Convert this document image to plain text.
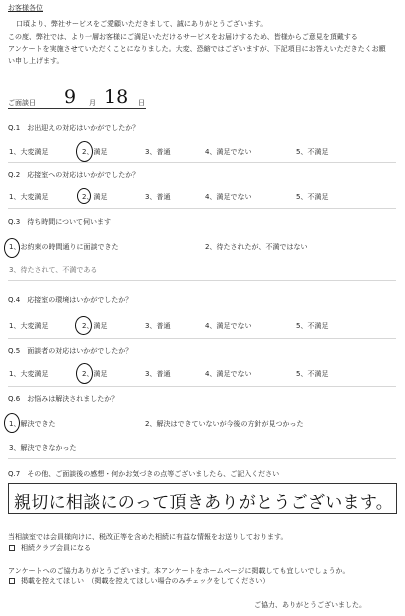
お客様各位
口頃より、弊社サービスをご愛顧いただきまして、誠にありがとうございます。
この度、弊社では、より一層お客様にご満足いただけるサービスをお届けするため、皆様からご意見を頂戴する
アンケートを実施させていただくことになりました。大変、恐縮ではございますが、下記項目にお答えいただきたくお願
い申し上げます。
ご面談日 9 月 18 日
Q.1　お出迎えの対応はいかがでしたか？
1、大変満足	2、満足	3、普通	4、満足でない	5、不満足
Q.2　応接室への対応はいかがでしたか？
1、大変満足	2、満足	3、普通	4、満足でない	5、不満足
Q.3　待ち時間について伺います
1、お約束の時間通りに面談できた	2、待たされたが、不満ではない
3、待たされて、不満である
Q.4　応接室の環境はいかがでしたか？
1、大変満足	2、満足	3、普通	4、満足でない	5、不満足
Q.5　面談者の対応はいかがでしたか？
1、大変満足	2、満足	3、普通	4、満足でない	5、不満足
Q.6　お悩みは解決されましたか？
1、解決できた	2、解決はできていないが今後の方針が見つかった
3、解決できなかった
Q.7　その他、ご面談後の感想・何かお気づきの点等ございましたら、ご記入ください
親切に相談にのって頂きありがとうございます。
当相談室では会員様向けに、税改正等を含めた相続に有益な情報をお送りしております。
相続クラブ会員になる
アンケートへのご協力ありがとうございます。本アンケートをホームページに掲載しても宜しいでしょうか。
掲載を控えてほしい　（掲載を控えてほしい場合のみチェックをしてください）
ご協力、ありがとうございました。
